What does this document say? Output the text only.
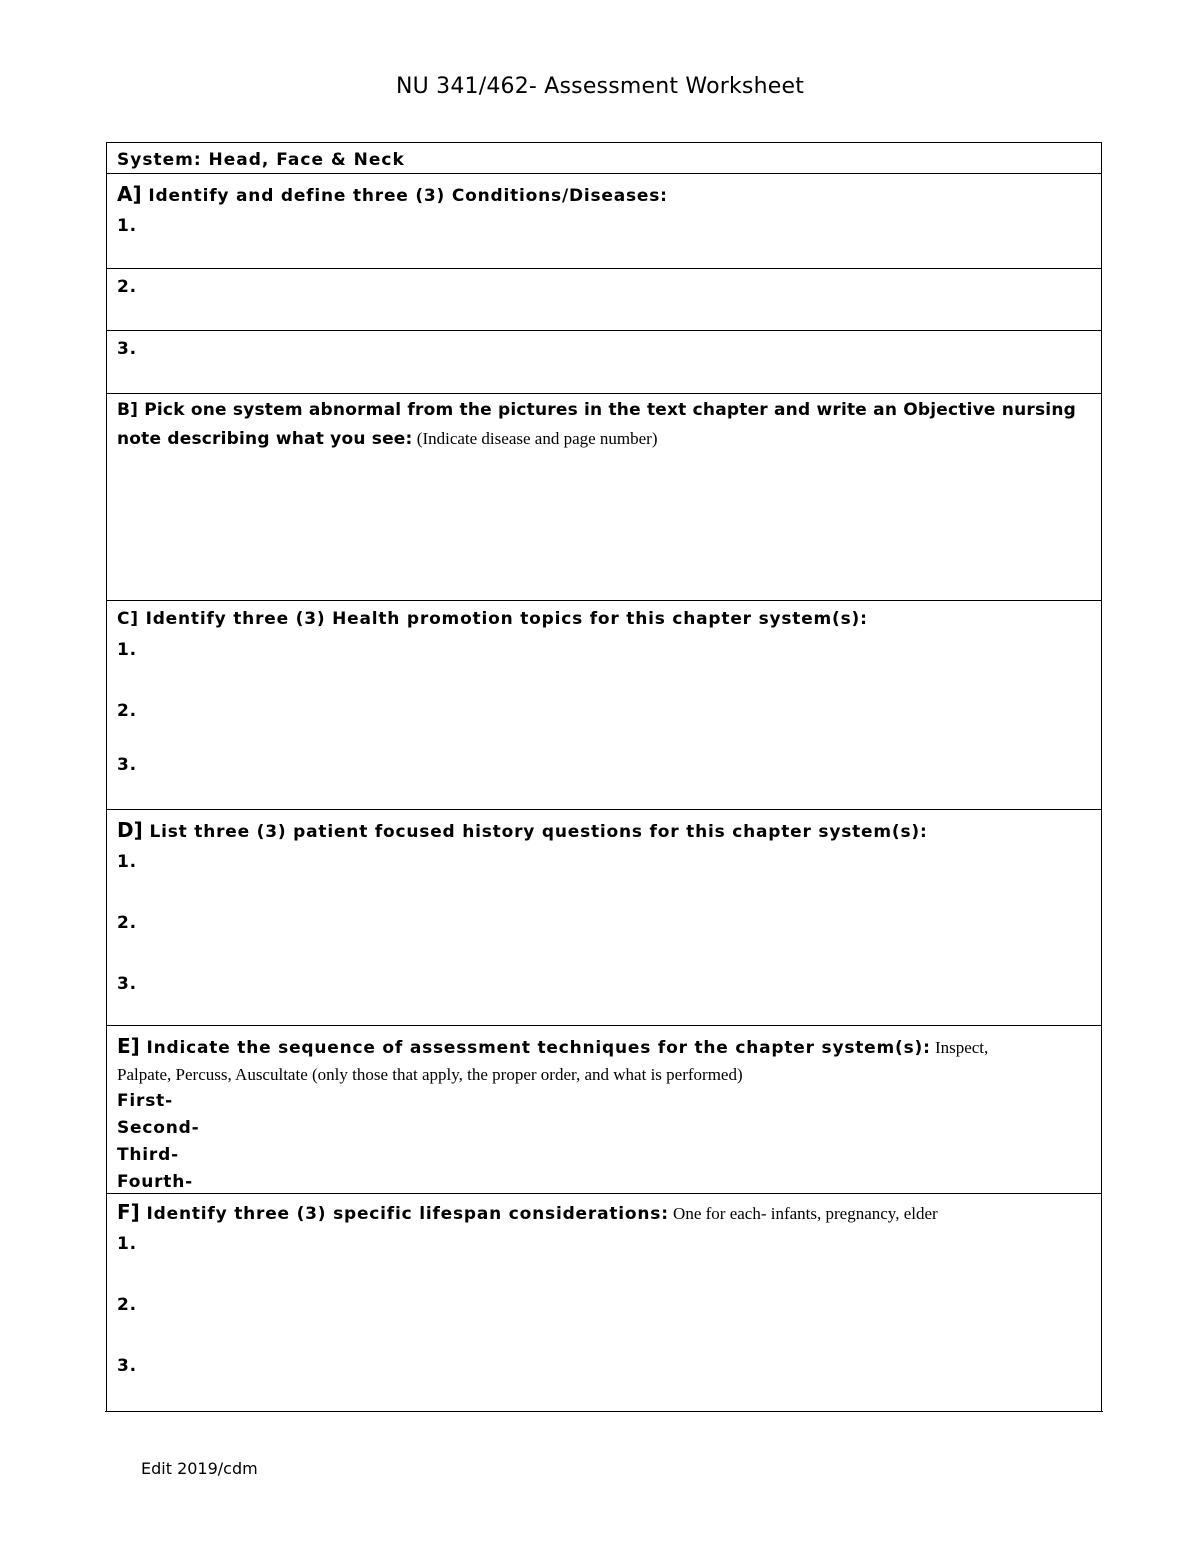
NU 341/462- Assessment Worksheet
System: Head, Face & Neck
A] Identify and define three (3) Conditions/Diseases:
1.
2.
3.
B] Pick one system abnormal from the pictures in the text chapter and write an Objective nursing note describing what you see: (Indicate disease and page number)
C] Identify three (3) Health promotion topics for this chapter system(s):
1.
2.
3.
D] List three (3) patient focused history questions for this chapter system(s):
1.
2.
3.
E] Indicate the sequence of assessment techniques for the chapter system(s): Inspect,
Palpate, Percuss, Auscultate (only those that apply, the proper order, and what is performed)
First-
Second-
Third-
Fourth-
F] Identify three (3) specific lifespan considerations: One for each- infants, pregnancy, elder
1.
2.
3.
Edit 2019/cdm
